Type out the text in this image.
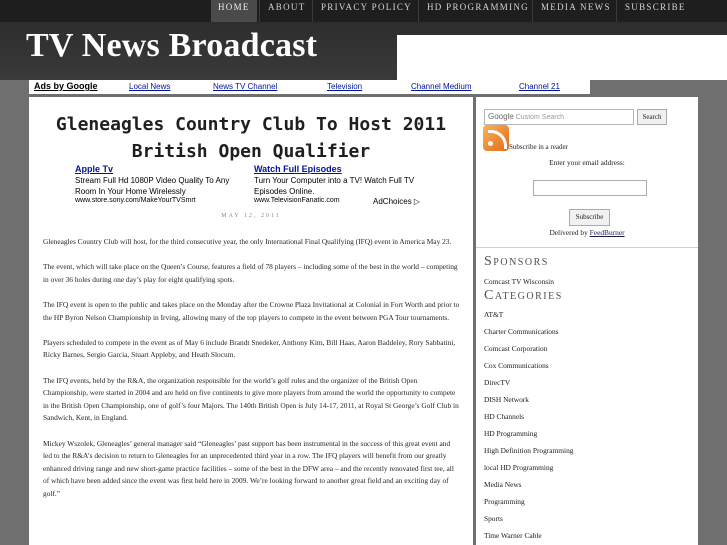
HOME	ABOUT	PRIVACY POLICY	HD PROGRAMMING	MEDIA NEWS	SUBSCRIBE
TV News Broadcast
Ads by Google	Local News	News TV Channel	Television	Channel Medium	Channel 21
Gleneagles Country Club To Host 2011 British Open Qualifier
Apple Tv
Stream Full Hd 1080P Video Quality To Any Room In Your Home Wirelessly
www.store.sony.com/MakeYourTVSmrt
Watch Full Episodes
Turn Your Computer into a TV! Watch Full TV Episodes Online.
www.TelevisionFanatic.com	AdChoices ▷
MAY 12, 2011

Gleneagles Country Club will host, for the third consecutive year, the only International Final Qualifying (IFQ) event in America May 23.

The event, which will take place on the Queen’s Course, features a field of 78 players – including some of the best in the world – competing in over 36 holes during one day’s play for eight qualifying spots.

The IFQ event is open to the public and takes place on the Monday after the Crowne Plaza Invitational at Colonial in Fort Worth and prior to the HP Byron Nelson Championship in Irving, allowing many of the top players to compete in the event between PGA Tour tournaments.

Players scheduled to compete in the event as of May 6 include Brandt Snedeker, Anthony Kim, Bill Haas, Aaron Baddeley, Rory Sabbatini, Ricky Barnes, Sergio Garcia, Stuart Appleby, and Heath Slocum.

The IFQ events, held by the R&A, the organization responsible for the world’s golf rules and the organizer of the British Open Championship, were started in 2004 and are held on five continents to give more players from around the world the opportunity to compete in the British Open Championship, one of golf’s four Majors. The 140th British Open is July 14-17, 2011, at Royal St George’s Golf Club in Sandwich, Kent, in England.

Mickey Wszolek, Gleneagles’ general manager said “Gleneagles’ past support has been instrumental in the success of this great event and led to the R&A’s decision to return to Gleneagles for an unprecedented third year in a row. The IFQ players will benefit from our greatly enhanced driving range and new short-game practice facilities – some of the best in the DFW area – and the recently renovated first tee, all of which have been added since the event was first held here in 2009. We’re looking forward to another great field and an exciting day of golf.”

Google Custom Search	Search
Subscribe in a reader
Enter your email address:
Subscribe
Delivered by FeedBurner
Sponsors
Comcast TV Wisconsin
Categories
AT&T
Charter Communications
Comcast Corporation
Cox Communications
DirecTV
DISH Network
HD Channels
HD Programming
High Definition Programming
local HD Programming
Media News
Programming
Sports
Time Warner Cable
